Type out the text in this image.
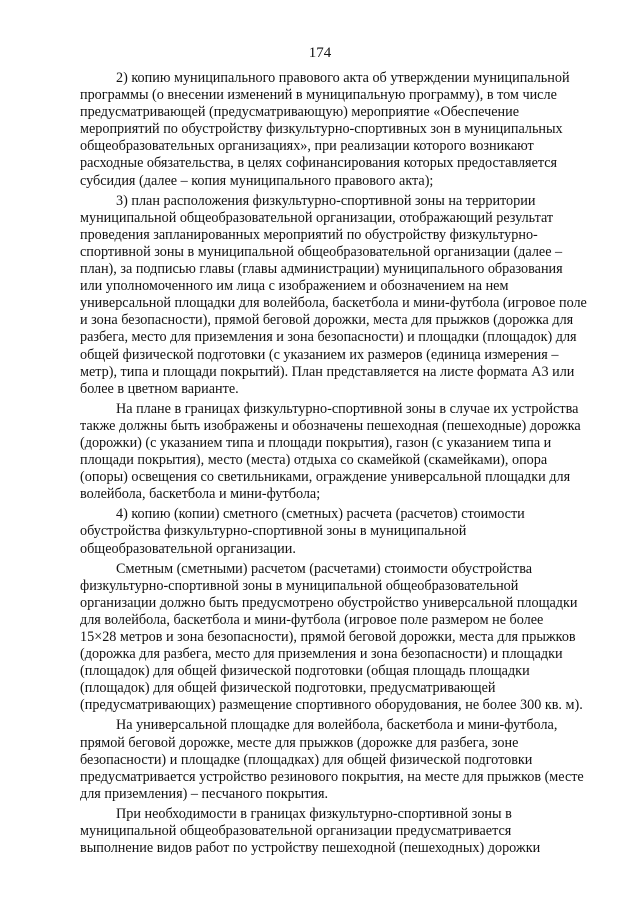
174

2) копию муниципального правового акта об утверждении муниципальной
программы (о внесении изменений в муниципальную программу), в том числе
предусматривающей (предусматривающую) мероприятие «Обеспечение
мероприятий по обустройству физкультурно-спортивных зон в муниципальных
общеобразовательных организациях», при реализации которого возникают
расходные обязательства, в целях софинансирования которых предоставляется
субсидия (далее – копия муниципального правового акта);

3) план расположения физкультурно-спортивной зоны на территории
муниципальной общеобразовательной организации, отображающий результат
проведения запланированных мероприятий по обустройству физкультурно-
спортивной зоны в муниципальной общеобразовательной организации (далее –
план), за подписью главы (главы администрации) муниципального образования
или уполномоченного им лица с изображением и обозначением на нем
универсальной площадки для волейбола, баскетбола и мини-футбола (игровое поле
и зона безопасности), прямой беговой дорожки, места для прыжков (дорожка для
разбега, место для приземления и зона безопасности) и площадки (площадок) для
общей физической подготовки (с указанием их размеров (единица измерения –
метр), типа и площади покрытий). План представляется на листе формата А3 или
более в цветном варианте.

На плане в границах физкультурно-спортивной зоны в случае их устройства
также должны быть изображены и обозначены пешеходная (пешеходные) дорожка
(дорожки) (с указанием типа и площади покрытия), газон (с указанием типа и
площади покрытия), место (места) отдыха со скамейкой (скамейками), опора
(опоры) освещения со светильниками, ограждение универсальной площадки для
волейбола, баскетбола и мини-футбола;

4) копию (копии) сметного (сметных) расчета (расчетов) стоимости
обустройства физкультурно-спортивной зоны в муниципальной
общеобразовательной организации.

Сметным (сметными) расчетом (расчетами) стоимости обустройства
физкультурно-спортивной зоны в муниципальной общеобразовательной
организации должно быть предусмотрено обустройство универсальной площадки
для волейбола, баскетбола и мини-футбола (игровое поле размером не более
15×28 метров и зона безопасности), прямой беговой дорожки, места для прыжков
(дорожка для разбега, место для приземления и зона безопасности) и площадки
(площадок) для общей физической подготовки (общая площадь площадки
(площадок) для общей физической подготовки, предусматривающей
(предусматривающих) размещение спортивного оборудования, не более 300 кв. м).

На универсальной площадке для волейбола, баскетбола и мини-футбола,
прямой беговой дорожке, месте для прыжков (дорожке для разбега, зоне
безопасности) и площадке (площадках) для общей физической подготовки
предусматривается устройство резинового покрытия, на месте для прыжков (месте
для приземления) – песчаного покрытия.

При необходимости в границах физкультурно-спортивной зоны в
муниципальной общеобразовательной организации предусматривается
выполнение видов работ по устройству пешеходной (пешеходных) дорожки
